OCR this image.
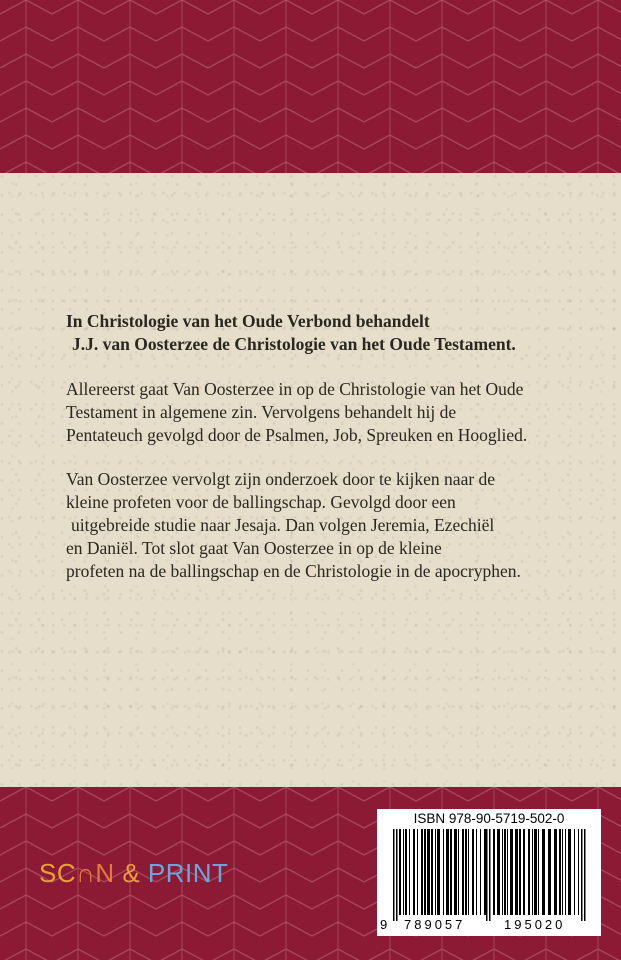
In Christologie van het Oude Verbond behandelt
J.J. van Oosterzee de Christologie van het Oude Testament.
Allereerst gaat Van Oosterzee in op de Christologie van het Oude
Testament in algemene zin. Vervolgens behandelt hij de
Pentateuch gevolgd door de Psalmen, Job, Spreuken en Hooglied.
Van Oosterzee vervolgt zijn onderzoek door te kijken naar de
kleine profeten voor de ballingschap. Gevolgd door een
uitgebreide studie naar Jesaja. Dan volgen Jeremia, Ezechiël
en Daniël. Tot slot gaat Van Oosterzee in op de kleine
profeten na de ballingschap en de Christologie in de apocryphen.
SC∩N & PRINT
ISBN 978-90-5719-502-0
9 789057	195020
